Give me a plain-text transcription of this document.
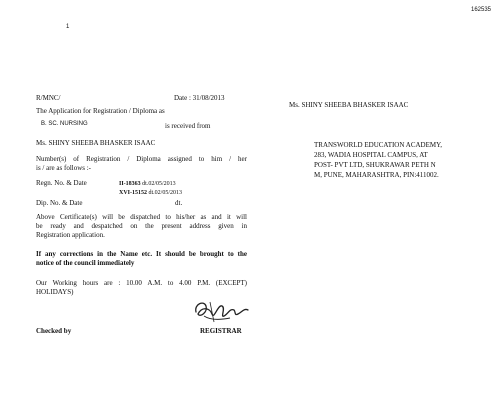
162535
1
R/MNC/	Date : 31/08/2013
The Application for Registration / Diploma as
B. SC. NURSING	is received from
Ms. SHINY SHEEBA BHASKER ISAAC
Number(s) of Registration / Diploma assigned to him / her
is / are as follows :-
Regn. No. & Date	II-18363 dt.02/05/2013
XVI-15152 dt.02/05/2013
Dip. No. & Date	dt.
Above Certificate(s) will be dispatched to his/her as and it will
be ready and despatched on the present address given in
Registration application.
If any corrections in the Name etc. It should be brought to the
notice of the council immediately
Our Working hours are : 10.00 A.M. to 4.00 P.M. (EXCEPT)
HOLIDAYS)
Checked by	REGISTRAR
Ms. SHINY SHEEBA BHASKER ISAAC
TRANSWORLD EDUCATION ACADEMY,
283, WADIA HOSPITAL CAMPUS, AT
POST- PVT LTD, SHUKRAWAR PETH N
M, PUNE, MAHARASHTRA, PIN:411002.
